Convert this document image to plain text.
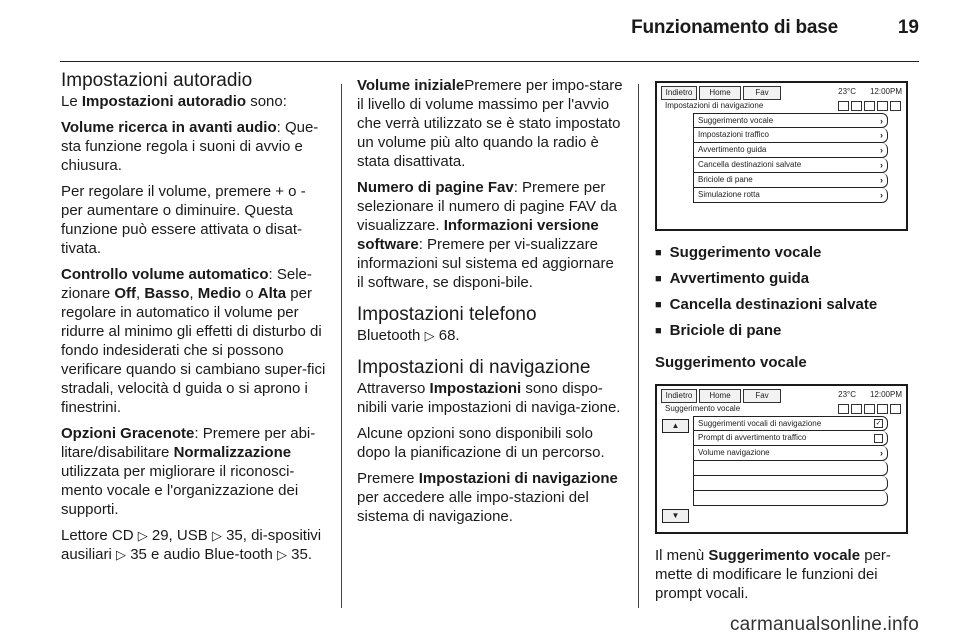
Funzionamento di base	19
Impostazioni autoradio

Le Impostazioni autoradio sono:

Volume ricerca in avanti audio: Que-sta funzione regola i suoni di avvio e chiusura.

Per regolare il volume, premere + o - per aumentare o diminuire. Questa funzione può essere attivata o disat-tivata.

Controllo volume automatico: Sele-zionare Off, Basso, Medio o Alta per regolare in automatico il volume per ridurre al minimo gli effetti di disturbo di fondo indesiderati che si possono verificare quando si cambiano super-fici stradali, velocità d guida o si aprono i finestrini.

Opzioni Gracenote: Premere per abi-litare/disabilitare Normalizzazione utilizzata per migliorare il riconosci-mento vocale e l'organizzazione dei supporti.

Lettore CD ▷ 29, USB ▷ 35, di-spositivi ausiliari ▷ 35 e audio Blue-tooth ▷ 35.

Volume inizialePremere per impo-stare il livello di volume massimo per l'avvio che verrà utilizzato se è stato impostato un volume più alto quando la radio è stata disattivata.

Numero di pagine Fav: Premere per selezionare il numero di pagine FAV da visualizzare. Informazioni versione software: Premere per vi-sualizzare informazioni sul sistema ed aggiornare il software, se disponi-bile.

Impostazioni telefono

Bluetooth ▷ 68.

Impostazioni di navigazione

Attraverso Impostazioni sono dispo-nibili varie impostazioni di naviga-zione.

Alcune opzioni sono disponibili solo dopo la pianificazione di un percorso.

Premere Impostazioni di navigazione per accedere alle impo-stazioni del sistema di navigazione.

Indietro	Home	Fav	23°C 12:00PM
Impostazioni di navigazione
Suggerimento vocale	›
Impostazioni traffico	›
Avvertimento guida	›
Cancella destinazioni salvate	›
Briciole di pane	›
Simulazione rotta	›
■ Suggerimento vocale
■ Avvertimento guida
■ Cancella destinazioni salvate
■ Briciole di pane

Suggerimento vocale

Indietro	Home	Fav	23°C 12:00PM
Suggerimento vocale
▲
▼
Suggerimenti vocali di navigazione	✓
Prompt di avvertimento traffico
Volume navigazione	›

Il menù Suggerimento vocale per-mette di modificare le funzioni dei prompt vocali.

carmanualsonline.info
